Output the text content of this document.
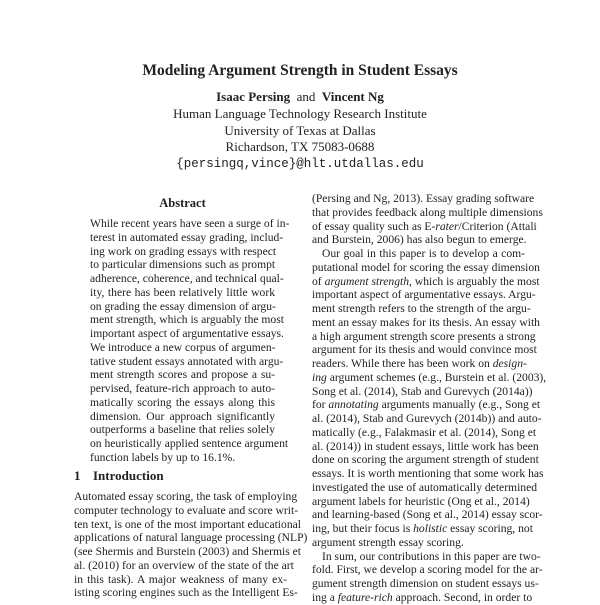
Modeling Argument Strength in Student Essays
Isaac Persing and Vincent Ng
Human Language Technology Research Institute
University of Texas at Dallas
Richardson, TX 75083-0688
{persingq,vince}@hlt.utdallas.edu
Abstract
While recent years have seen a surge of in-
terest in automated essay grading, includ-
ing work on grading essays with respect
to particular dimensions such as prompt
adherence, coherence, and technical qual-
ity, there has been relatively little work
on grading the essay dimension of argu-
ment strength, which is arguably the most
important aspect of argumentative essays.
We introduce a new corpus of argumen-
tative student essays annotated with argu-
ment strength scores and propose a su-
pervised, feature-rich approach to auto-
matically scoring the essays along this
dimension. Our approach significantly
outperforms a baseline that relies solely
on heuristically applied sentence argument
function labels by up to 16.1%.
1 Introduction
Automated essay scoring, the task of employing
computer technology to evaluate and score writ-
ten text, is one of the most important educational
applications of natural language processing (NLP)
(see Shermis and Burstein (2003) and Shermis et
al. (2010) for an overview of the state of the art
in this task). A major weakness of many ex-
isting scoring engines such as the Intelligent Es-
(Persing and Ng, 2013). Essay grading software
that provides feedback along multiple dimensions
of essay quality such as E-rater/Criterion (Attali
and Burstein, 2006) has also begun to emerge.
Our goal in this paper is to develop a com-
putational model for scoring the essay dimension
of argument strength, which is arguably the most
important aspect of argumentative essays. Argu-
ment strength refers to the strength of the argu-
ment an essay makes for its thesis. An essay with
a high argument strength score presents a strong
argument for its thesis and would convince most
readers. While there has been work on design-
ing argument schemes (e.g., Burstein et al. (2003),
Song et al. (2014), Stab and Gurevych (2014a))
for annotating arguments manually (e.g., Song et
al. (2014), Stab and Gurevych (2014b)) and auto-
matically (e.g., Falakmasir et al. (2014), Song et
al. (2014)) in student essays, little work has been
done on scoring the argument strength of student
essays. It is worth mentioning that some work has
investigated the use of automatically determined
argument labels for heuristic (Ong et al., 2014)
and learning-based (Song et al., 2014) essay scor-
ing, but their focus is holistic essay scoring, not
argument strength essay scoring.
In sum, our contributions in this paper are two-
fold. First, we develop a scoring model for the ar-
gument strength dimension on student essays us-
ing a feature-rich approach. Second, in order to
